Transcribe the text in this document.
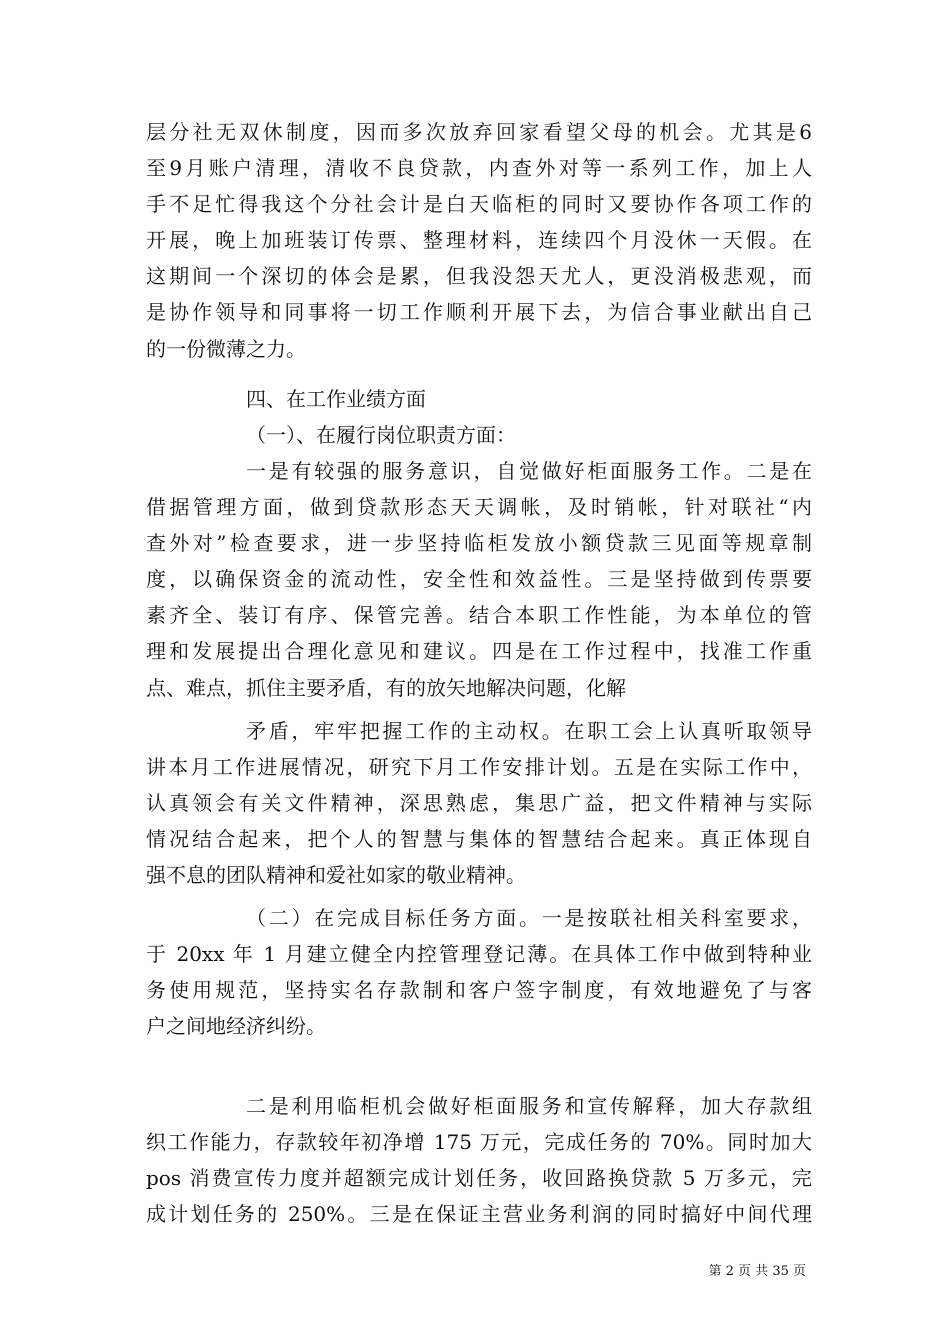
层分社无双休制度，因而多次放弃回家看望父母的机会。尤其是6
至9月账户清理，清收不良贷款，内查外对等一系列工作，加上人
手不足忙得我这个分社会计是白天临柜的同时又要协作各项工作的
开展，晚上加班装订传票、整理材料，连续四个月没休一天假。在
这期间一个深切的体会是累，但我没怨天尤人，更没消极悲观，而
是协作领导和同事将一切工作顺利开展下去，为信合事业献出自己
的一份微薄之力。
四、在工作业绩方面
（一）、在履行岗位职责方面：
一是有较强的服务意识，自觉做好柜面服务工作。二是在
借据管理方面，做到贷款形态天天调帐，及时销帐，针对联社“内
查外对”检查要求，进一步坚持临柜发放小额贷款三见面等规章制
度，以确保资金的流动性，安全性和效益性。三是坚持做到传票要
素齐全、装订有序、保管完善。结合本职工作性能，为本单位的管
理和发展提出合理化意见和建议。四是在工作过程中，找准工作重
点、难点，抓住主要矛盾，有的放矢地解决问题，化解
矛盾，牢牢把握工作的主动权。在职工会上认真听取领导
讲本月工作进展情况，研究下月工作安排计划。五是在实际工作中，
认真领会有关文件精神，深思熟虑，集思广益，把文件精神与实际
情况结合起来，把个人的智慧与集体的智慧结合起来。真正体现自
强不息的团队精神和爱社如家的敬业精神。
（二）在完成目标任务方面。一是按联社相关科室要求，
于 20xx 年 1 月建立健全内控管理登记薄。在具体工作中做到特种业
务使用规范，坚持实名存款制和客户签字制度，有效地避免了与客
户之间地经济纠纷。
二是利用临柜机会做好柜面服务和宣传解释，加大存款组
织工作能力，存款较年初净增 175 万元，完成任务的 70%。同时加大
pos 消费宣传力度并超额完成计划任务，收回路换贷款 5 万多元，完
成计划任务的 250%。三是在保证主营业务利润的同时搞好中间代理
第 2 页 共 35 页
